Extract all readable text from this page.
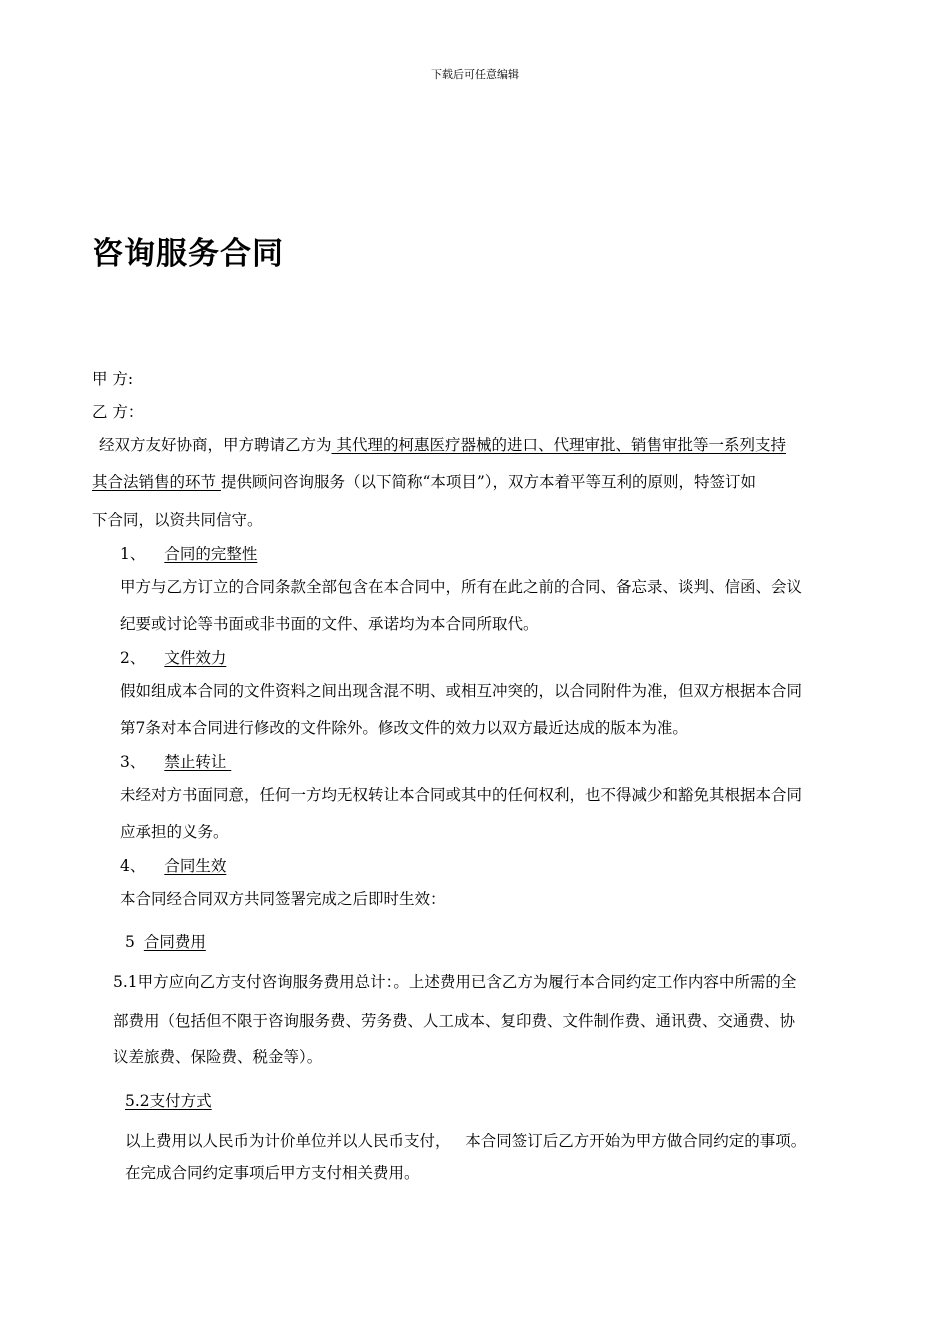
下载后可任意编辑
咨询服务合同
甲 方:
乙 方：
经双方友好协商，甲方聘请乙方为 其代理的柯惠医疗器械的进口、代理审批、销售审批等一系列支持
其合法销售的环节 提供顾问咨询服务（以下简称“本项目”），双方本着平等互利的原则，特签订如
下合同，以资共同信守。
1、 合同的完整性
甲方与乙方订立的合同条款全部包含在本合同中，所有在此之前的合同、备忘录、谈判、信函、会议
纪要或讨论等书面或非书面的文件、承诺均为本合同所取代。
2、 文件效力
假如组成本合同的文件资料之间出现含混不明、或相互冲突的，以合同附件为准，但双方根据本合同
第7条对本合同进行修改的文件除外。修改文件的效力以双方最近达成的版本为准。
3、 禁止转让
未经对方书面同意，任何一方均无权转让本合同或其中的任何权利，也不得减少和豁免其根据本合同
应承担的义务。
4、 合同生效
本合同经合同双方共同签署完成之后即时生效：
5 合同费用
5.1甲方应向乙方支付咨询服务费用总计：。上述费用已含乙方为履行本合同约定工作内容中所需的全
部费用（包括但不限于咨询服务费、劳务费、人工成本、复印费、文件制作费、通讯费、交通费、协
议差旅费、保险费、税金等）。
5.2支付方式
以上费用以人民币为计价单位并以人民币支付，   本合同签订后乙方开始为甲方做合同约定的事项。
在完成合同约定事项后甲方支付相关费用。
